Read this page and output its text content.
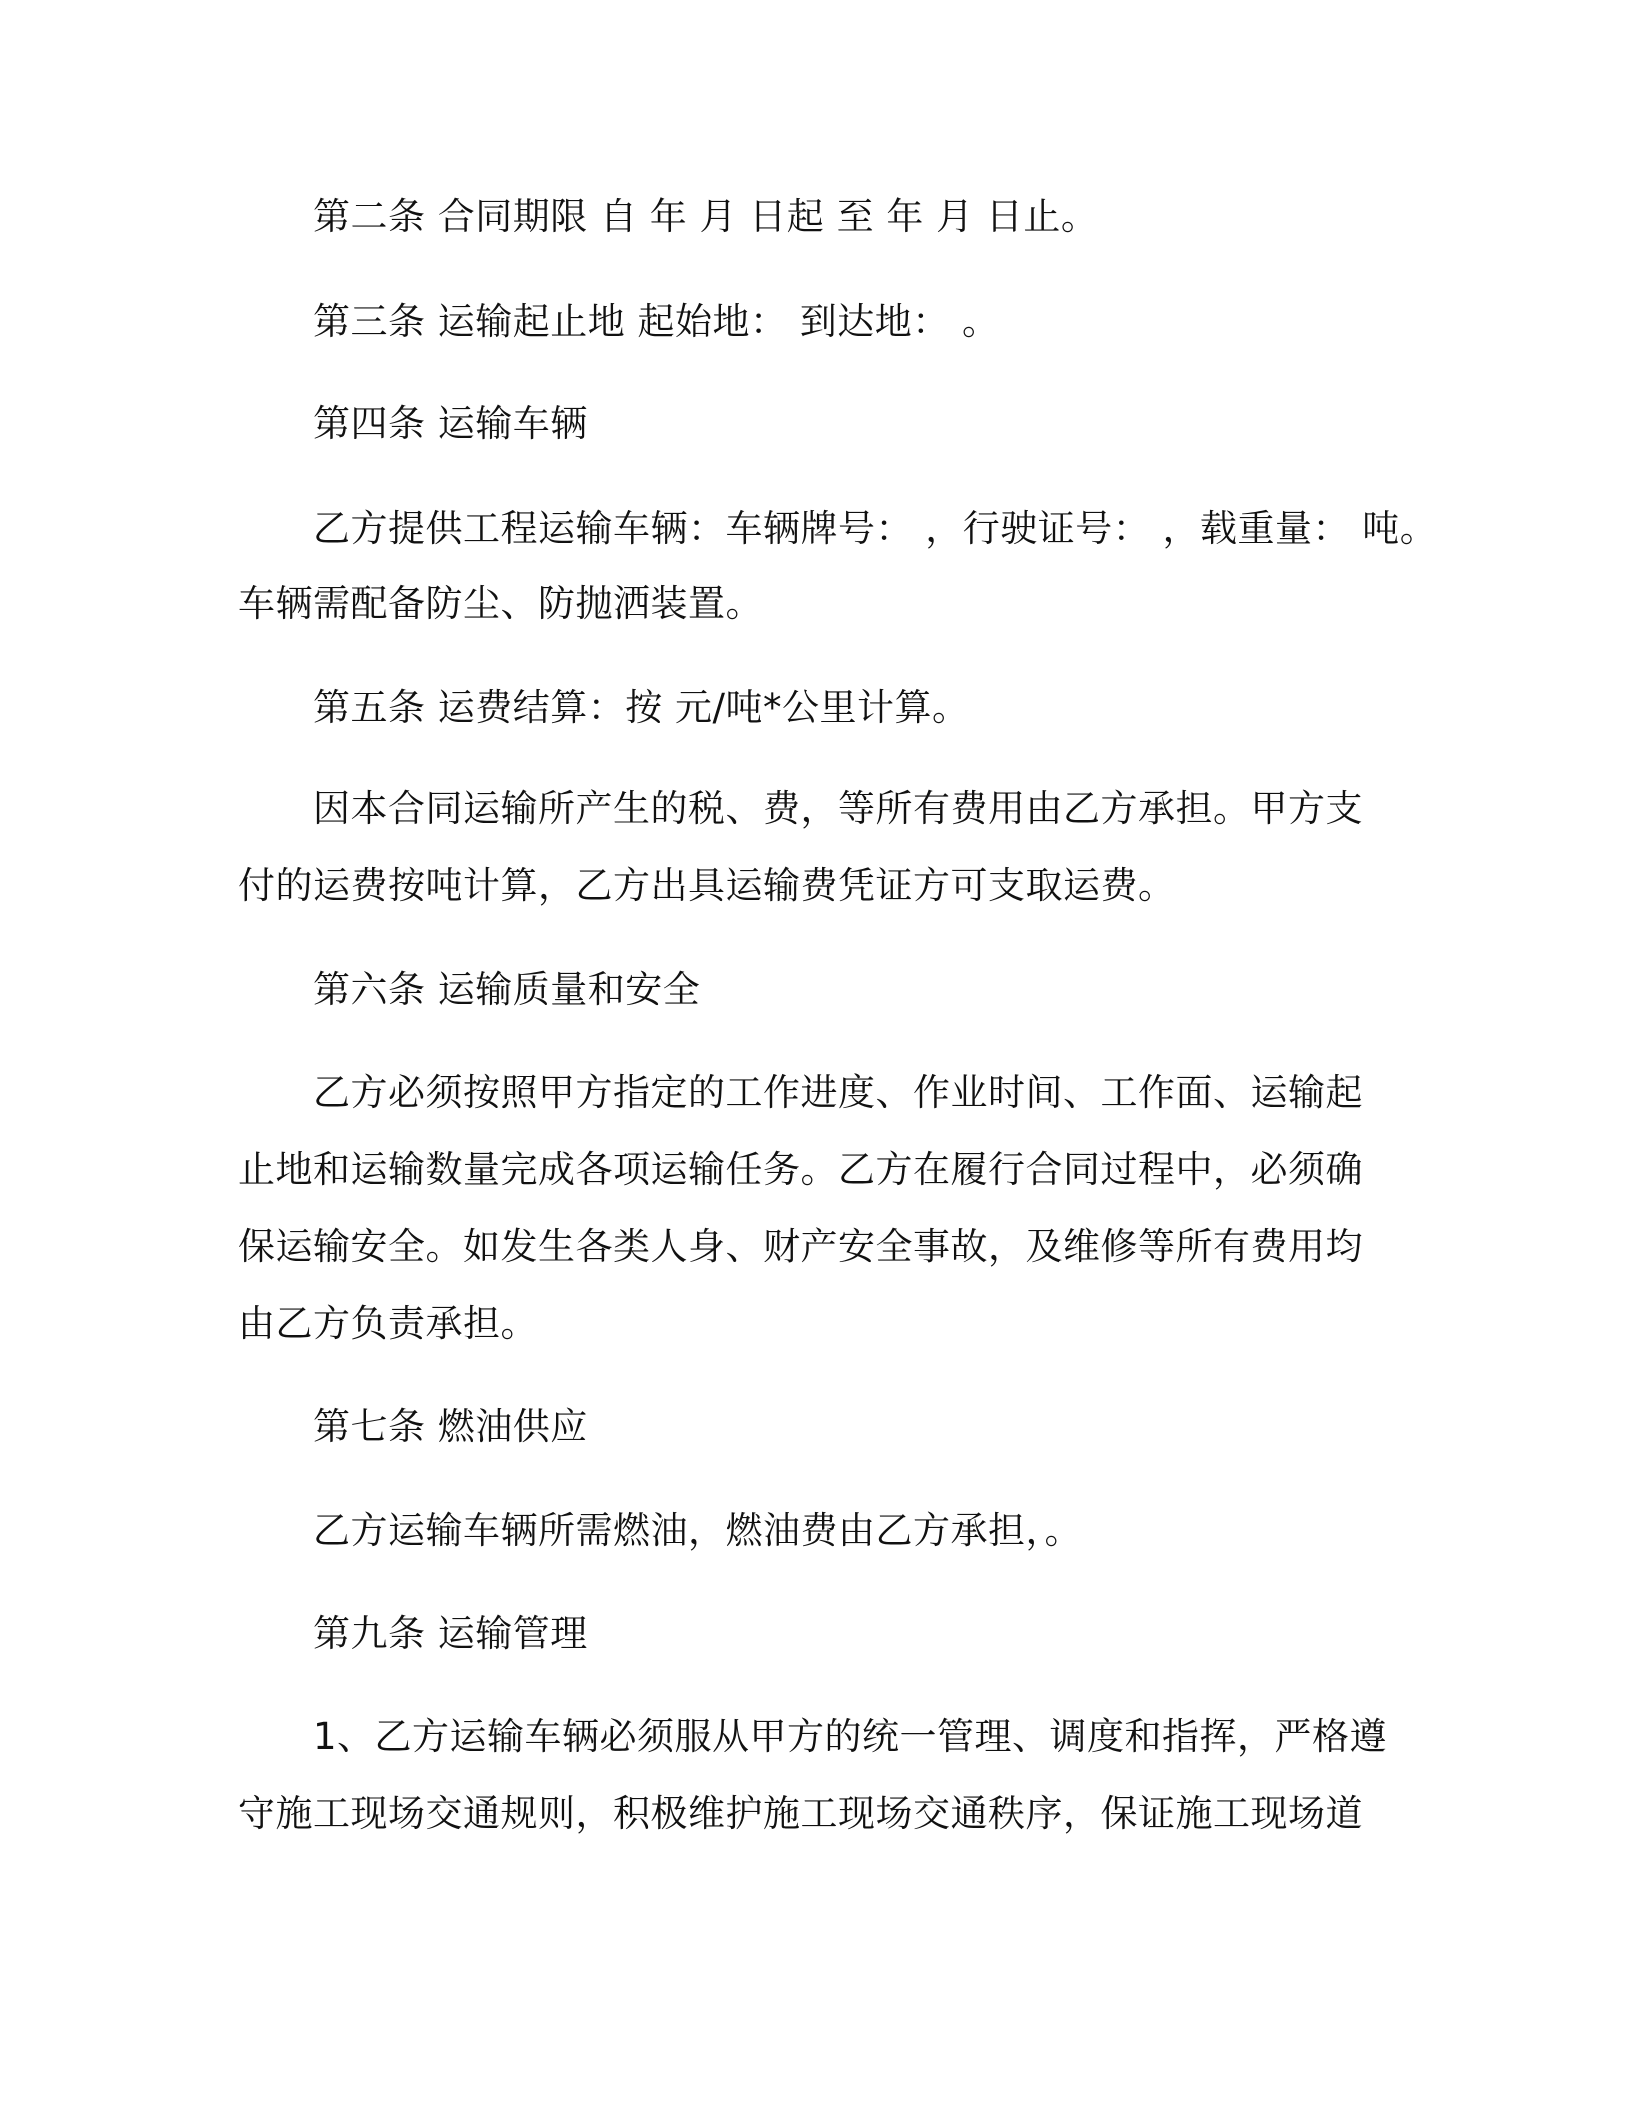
第二条 合同期限 自 年 月 日起 至 年 月 日止。
第三条 运输起止地 起始地： 到达地： 。
第四条 运输车辆
乙方提供工程运输车辆：车辆牌号： ，行驶证号： ，载重量： 吨。
车辆需配备防尘、防抛洒装置。
第五条 运费结算：按 元/吨*公里计算。
因本合同运输所产生的税、费，等所有费用由乙方承担。甲方支
付的运费按吨计算，乙方出具运输费凭证方可支取运费。
第六条 运输质量和安全
乙方必须按照甲方指定的工作进度、作业时间、工作面、运输起
止地和运输数量完成各项运输任务。乙方在履行合同过程中，必须确
保运输安全。如发生各类人身、财产安全事故，及维修等所有费用均
由乙方负责承担。
第七条 燃油供应
乙方运输车辆所需燃油，燃油费由乙方承担，。
第九条 运输管理
1、乙方运输车辆必须服从甲方的统一管理、调度和指挥，严格遵
守施工现场交通规则，积极维护施工现场交通秩序，保证施工现场道
